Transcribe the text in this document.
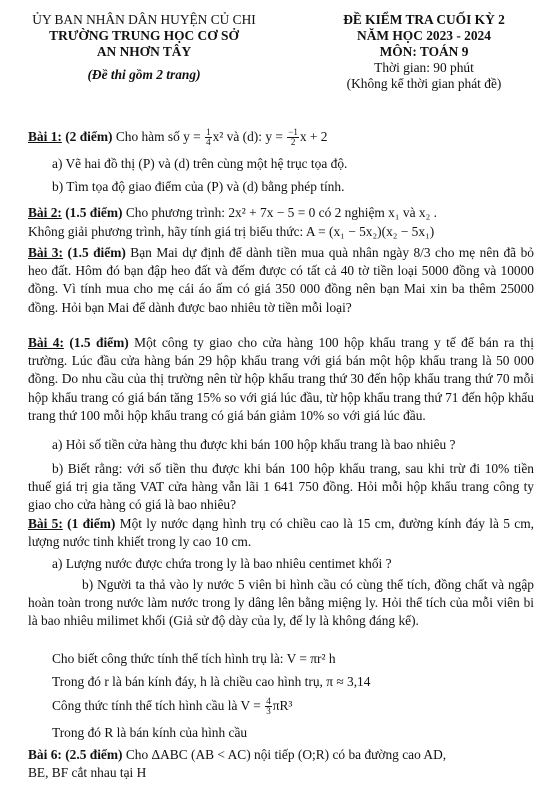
ỦY BAN NHÂN DÂN HUYỆN CỦ CHI
TRƯỜNG TRUNG HỌC CƠ SỞ
AN NHƠN TÂY
(Đề thi gồm 2 trang)
ĐỀ KIỂM TRA CUỐI KỲ 2
NĂM HỌC 2023 - 2024
MÔN: TOÁN 9
Thời gian: 90 phút
(Không kể thời gian phát đề)
Bài 1: (2 điểm) Cho hàm số $y = \frac{1}{4} x^2$ và (d): $y = \frac{-1}{2}$ x + 2
a) Vẽ hai đồ thị (P) và (d) trên cùng một hệ trục tọa độ.
b) Tìm tọa độ giao điểm của (P) và (d) bằng phép tính.
Bài 2: (1.5 điểm) Cho phương trình: 2x² + 7x − 5 = 0 có 2 nghiệm x₁ và x₂ .
Không giải phương trình, hãy tính giá trị biểu thức: A = (x₁ − 5x₂)(x₂ − 5x₁)
Bài 3: (1.5 điểm) Bạn Mai dự định để dành tiền mua quà nhân ngày 8/3 cho mẹ nên đã bỏ heo đất. Hôm đó bạn đập heo đất và đếm được có tất cả 40 tờ tiền loại 5000 đồng và 10000 đồng. Vì tính mua cho mẹ cái áo ấm có giá 350 000 đồng nên bạn Mai xin ba thêm 25000 đồng. Hỏi bạn Mai để dành được bao nhiêu tờ tiền mỗi loại?
Bài 4: (1.5 điểm) Một công ty giao cho cửa hàng 100 hộp khẩu trang y tế để bán ra thị trường. Lúc đầu cửa hàng bán 29 hộp khẩu trang với giá bán một hộp khẩu trang là 50 000 đồng. Do nhu cầu của thị trường nên từ hộp khẩu trang thứ 30 đến hộp khẩu trang thứ 70 mỗi hộp khẩu trang có giá bán tăng 15% so với giá lúc đầu, từ hộp khẩu trang thứ 71 đến hộp khẩu trang thứ 100 mỗi hộp khẩu trang có giá bán giảm 10% so với giá lúc đầu.
a) Hỏi số tiền cửa hàng thu được khi bán 100 hộp khẩu trang là bao nhiêu ?
b) Biết rằng: với số tiền thu được khi bán 100 hộp khẩu trang, sau khi trừ đi 10% tiền thuế giá trị gia tăng VAT cửa hàng vẫn lãi 1 641 750 đồng. Hỏi mỗi hộp khẩu trang công ty giao cho cửa hàng có giá là bao nhiêu?
Bài 5: (1 điểm) Một ly nước dạng hình trụ có chiều cao là 15 cm, đường kính đáy là 5 cm, lượng nước tinh khiết trong ly cao 10 cm.
a) Lượng nước được chứa trong ly là bao nhiêu centimet khối ?
b) Người ta thả vào ly nước 5 viên bi hình cầu có cùng thể tích, đồng chất và ngập hoàn toàn trong nước làm nước trong ly dâng lên bằng miệng ly. Hỏi thể tích của mỗi viên bi là bao nhiêu milimet khối (Giả sử độ dày của ly, đế ly là không đáng kể).
Cho biết công thức tính thể tích hình trụ là: V = πr² h
Trong đó r là bán kính đáy, h là chiều cao hình trụ, π ≈ 3,14
Công thức tính thể tích hình cầu là $V = \frac{4}{3} \pi R^3$
Trong đó R là bán kính của hình cầu
Bài 6: (2.5 điểm) Cho ΔABC (AB < AC) nội tiếp (O;R) có ba đường cao AD,
BE, BF cắt nhau tại H
